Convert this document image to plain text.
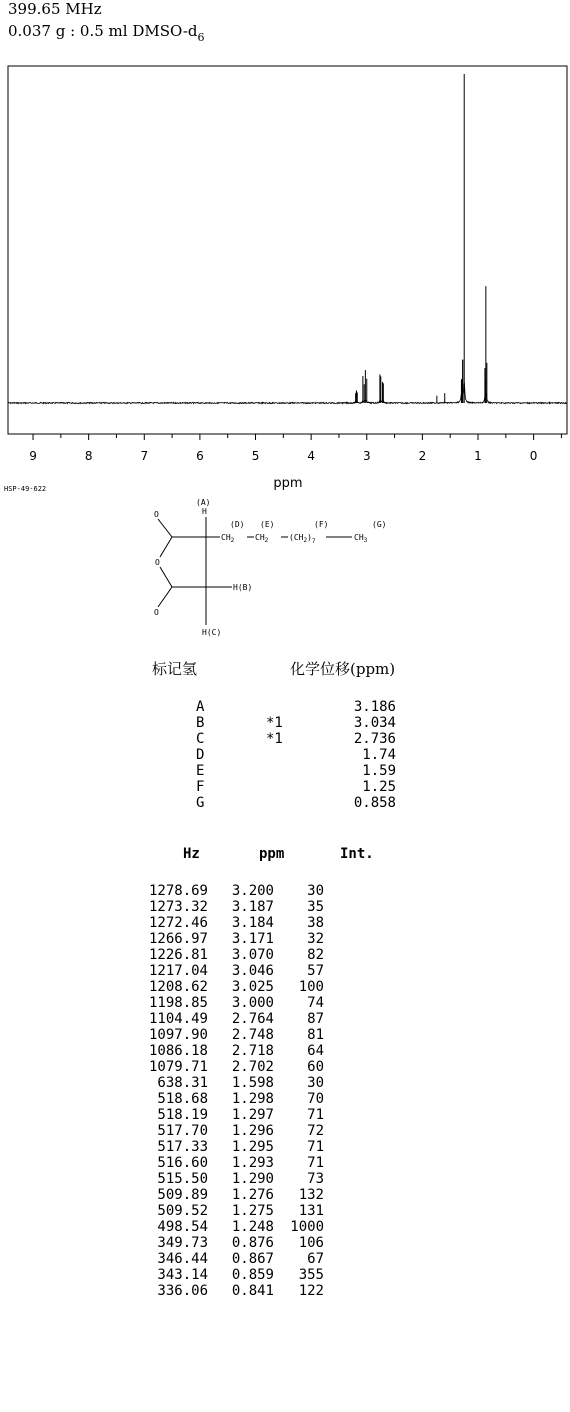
399.65 MHz
0.037 g : 0.5 ml DMSO-$d_6$
9	8	7	6	5	4	3	2	1	0
ppm
HSP-49-622
O
O
O
(A)
H
(D) (E)	(F)	(G)
$CH_2$	$CH_2$	$(CH_2)_7$	$CH_3$
H(B)
H(C)
标记氢	化学位移(ppm)
A		3.186
B	*1	3.034
C	*1	2.736
D		1.74
E		1.59
F		1.25
G		0.858
Hz	ppm	Int.
1278.69	3.200	30
1273.32	3.187	35
1272.46	3.184	38
1266.97	3.171	32
1226.81	3.070	82
1217.04	3.046	57
1208.62	3.025	100
1198.85	3.000	74
1104.49	2.764	87
1097.90	2.748	81
1086.18	2.718	64
1079.71	2.702	60
638.31	1.598	30
518.68	1.298	70
518.19	1.297	71
517.70	1.296	72
517.33	1.295	71
516.60	1.293	71
515.50	1.290	73
509.89	1.276	132
509.52	1.275	131
498.54	1.248	1000
349.73	0.876	106
346.44	0.867	67
343.14	0.859	355
336.06	0.841	122
